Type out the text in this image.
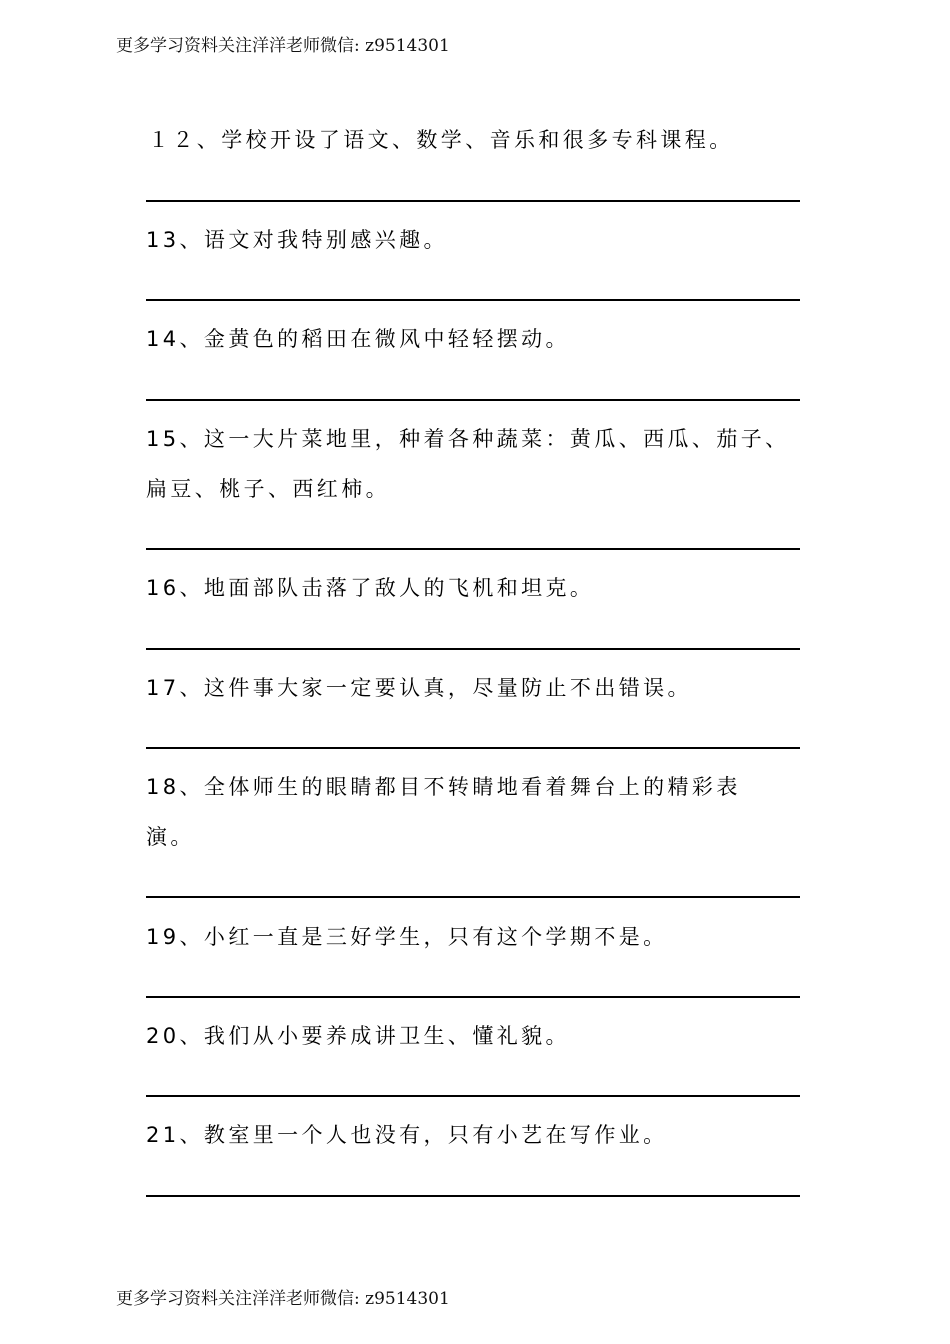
更多学习资料关注洋洋老师微信: z9514301
１２、学校开设了语文、数学、音乐和很多专科课程。
13、语文对我特别感兴趣。
14、金黄色的稻田在微风中轻轻摆动。
15、这一大片菜地里，种着各种蔬菜：黄瓜、西瓜、茄子、
扁豆、桃子、西红柿。
16、地面部队击落了敌人的飞机和坦克。
17、这件事大家一定要认真，尽量防止不出错误。
18、全体师生的眼睛都目不转睛地看着舞台上的精彩表
演。
19、小红一直是三好学生，只有这个学期不是。
20、我们从小要养成讲卫生、懂礼貌。
21、教室里一个人也没有，只有小艺在写作业。
更多学习资料关注洋洋老师微信: z9514301
